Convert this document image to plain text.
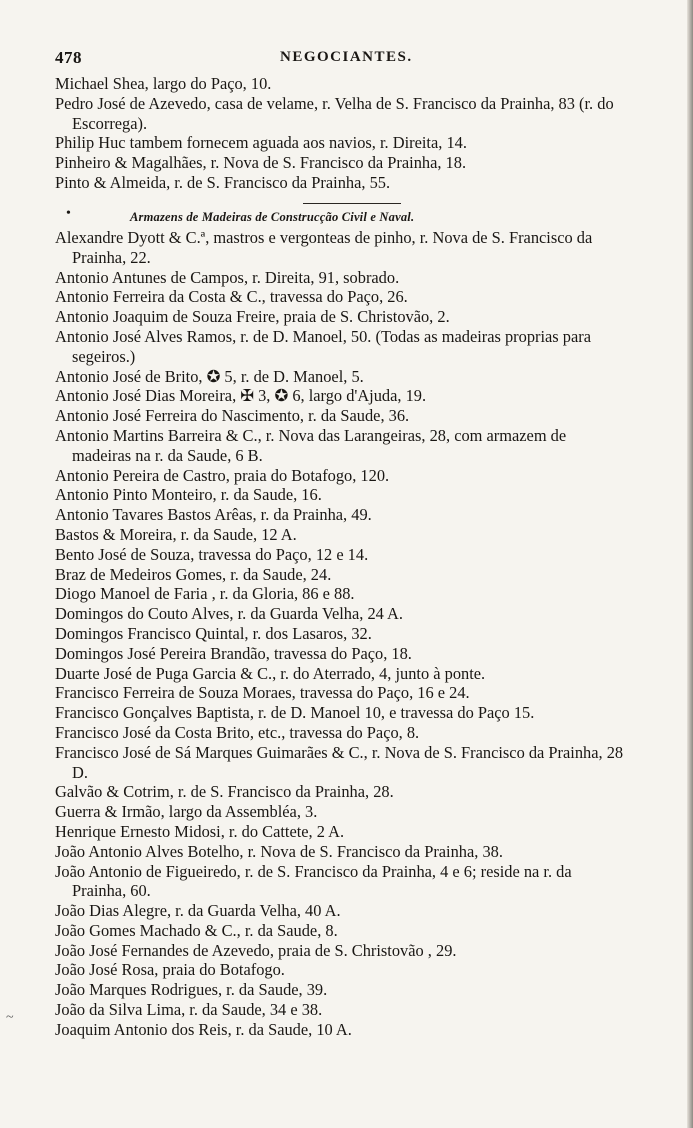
478	NEGOCIANTES.

Michael Shea, largo do Paço, 10.

Pedro José de Azevedo, casa de velame, r. Velha de S. Francisco da Prainha, 83 (r. do Escorrega).

Philip Huc tambem fornecem aguada aos navios, r. Direita, 14.

Pinheiro & Magalhães, r. Nova de S. Francisco da Prainha, 18.

Pinto & Almeida, r. de S. Francisco da Prainha, 55.

•	Armazens de Madeiras de Construcção Civil e Naval.

Alexandre Dyott & C.ª, mastros e vergonteas de pinho, r. Nova de S. Francisco da Prainha, 22.

Antonio Antunes de Campos, r. Direita, 91, sobrado.

Antonio Ferreira da Costa & C., travessa do Paço, 26.

Antonio Joaquim de Souza Freire, praia de S. Christovão, 2.

Antonio José Alves Ramos, r. de D. Manoel, 50. (Todas as madeiras proprias para segeiros.)

Antonio José de Brito, ✪ 5, r. de D. Manoel, 5.

Antonio José Dias Moreira, ✠ 3, ✪ 6, largo d'Ajuda, 19.

Antonio José Ferreira do Nascimento, r. da Saude, 36.

Antonio Martins Barreira & C., r. Nova das Larangeiras, 28, com armazem de madeiras na r. da Saude, 6 B.

Antonio Pereira de Castro, praia do Botafogo, 120.

Antonio Pinto Monteiro, r. da Saude, 16.

Antonio Tavares Bastos Arêas, r. da Prainha, 49.

Bastos & Moreira, r. da Saude, 12 A.

Bento José de Souza, travessa do Paço, 12 e 14.

Braz de Medeiros Gomes, r. da Saude, 24.

Diogo Manoel de Faria , r. da Gloria, 86 e 88.

Domingos do Couto Alves, r. da Guarda Velha, 24 A.

Domingos Francisco Quintal, r. dos Lasaros, 32.

Domingos José Pereira Brandão, travessa do Paço, 18.

Duarte José de Puga Garcia & C., r. do Aterrado, 4, junto à ponte.

Francisco Ferreira de Souza Moraes, travessa do Paço, 16 e 24.

Francisco Gonçalves Baptista, r. de D. Manoel 10, e travessa do Paço 15.

Francisco José da Costa Brito, etc., travessa do Paço, 8.

Francisco José de Sá Marques Guimarães & C., r. Nova de S. Francisco da Prainha, 28 D.

Galvão & Cotrim, r. de S. Francisco da Prainha, 28.

Guerra & Irmão, largo da Assembléa, 3.

Henrique Ernesto Midosi, r. do Cattete, 2 A.

João Antonio Alves Botelho, r. Nova de S. Francisco da Prainha, 38.

João Antonio de Figueiredo, r. de S. Francisco da Prainha, 4 e 6; reside na r. da Prainha, 60.

João Dias Alegre, r. da Guarda Velha, 40 A.

João Gomes Machado & C., r. da Saude, 8.

João José Fernandes de Azevedo, praia de S. Christovão , 29.

João José Rosa, praia do Botafogo.

João Marques Rodrigues, r. da Saude, 39.

João da Silva Lima, r. da Saude, 34 e 38.

Joaquim Antonio dos Reis, r. da Saude, 10 A.

~
